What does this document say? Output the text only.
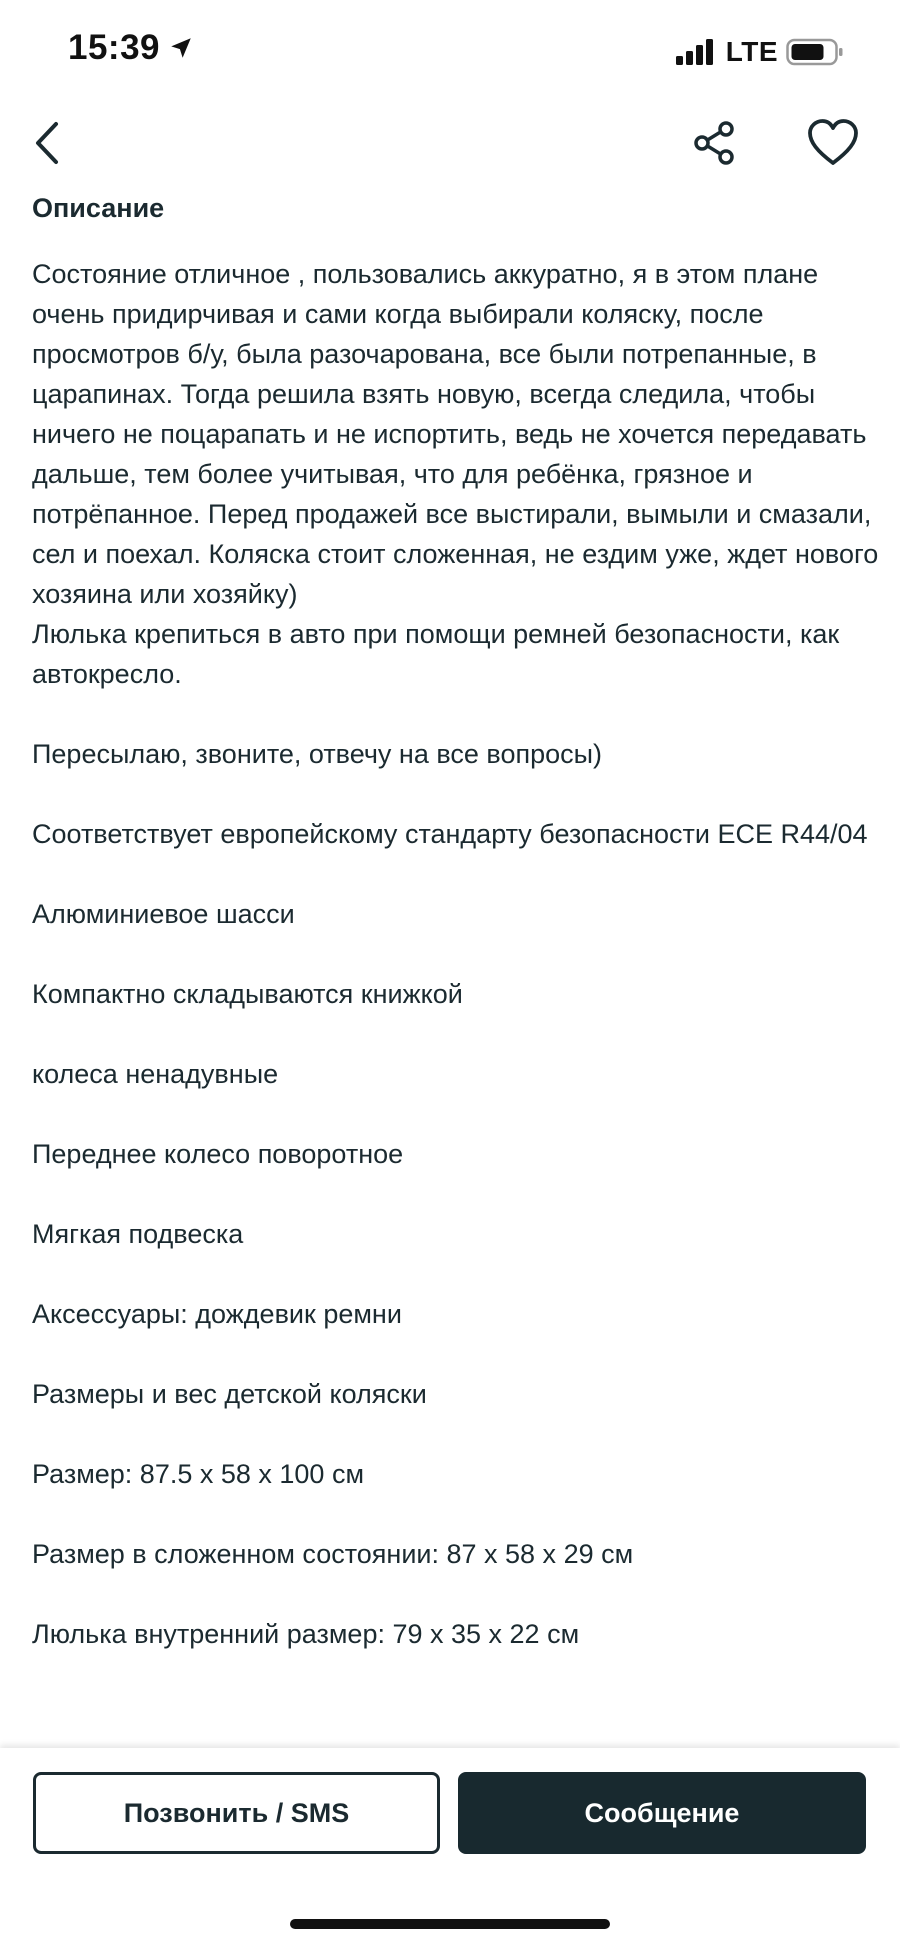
15:39	LTE
Описание

Состояние отличное , пользовались аккуратно, я в этом плане очень придирчивая и сами когда выбирали коляску, после просмотров б/у, была разочарована, все были потрепанные, в царапинах. Тогда решила взять новую, всегда следила, чтобы ничего не поцарапать и не испортить, ведь не хочется передавать дальше, тем более учитывая, что для ребёнка, грязное и потрёпанное. Перед продажей все выстирали, вымыли и смазали, сел и поехал. Коляска стоит сложенная, не ездим уже, ждет нового хозяина или хозяйку)

Люлька крепиться в авто при помощи ремней безопасности, как автокресло.

Пересылаю, звоните, отвечу на все вопросы)

Соответствует европейскому стандарту безопасности ECE R44/04

Алюминиевое шасси

Компактно складываются книжкой

колеса ненадувные

Переднее колесо поворотное

Мягкая подвеска

Аксессуары: дождевик ремни

Размеры и вес детской коляски

Размер: 87.5 x 58 x 100 см

Размер в сложенном состоянии: 87 x 58 x 29 см

Люлька внутренний размер: 79 x 35 x 22 см

Позвонить / SMS	Сообщение
